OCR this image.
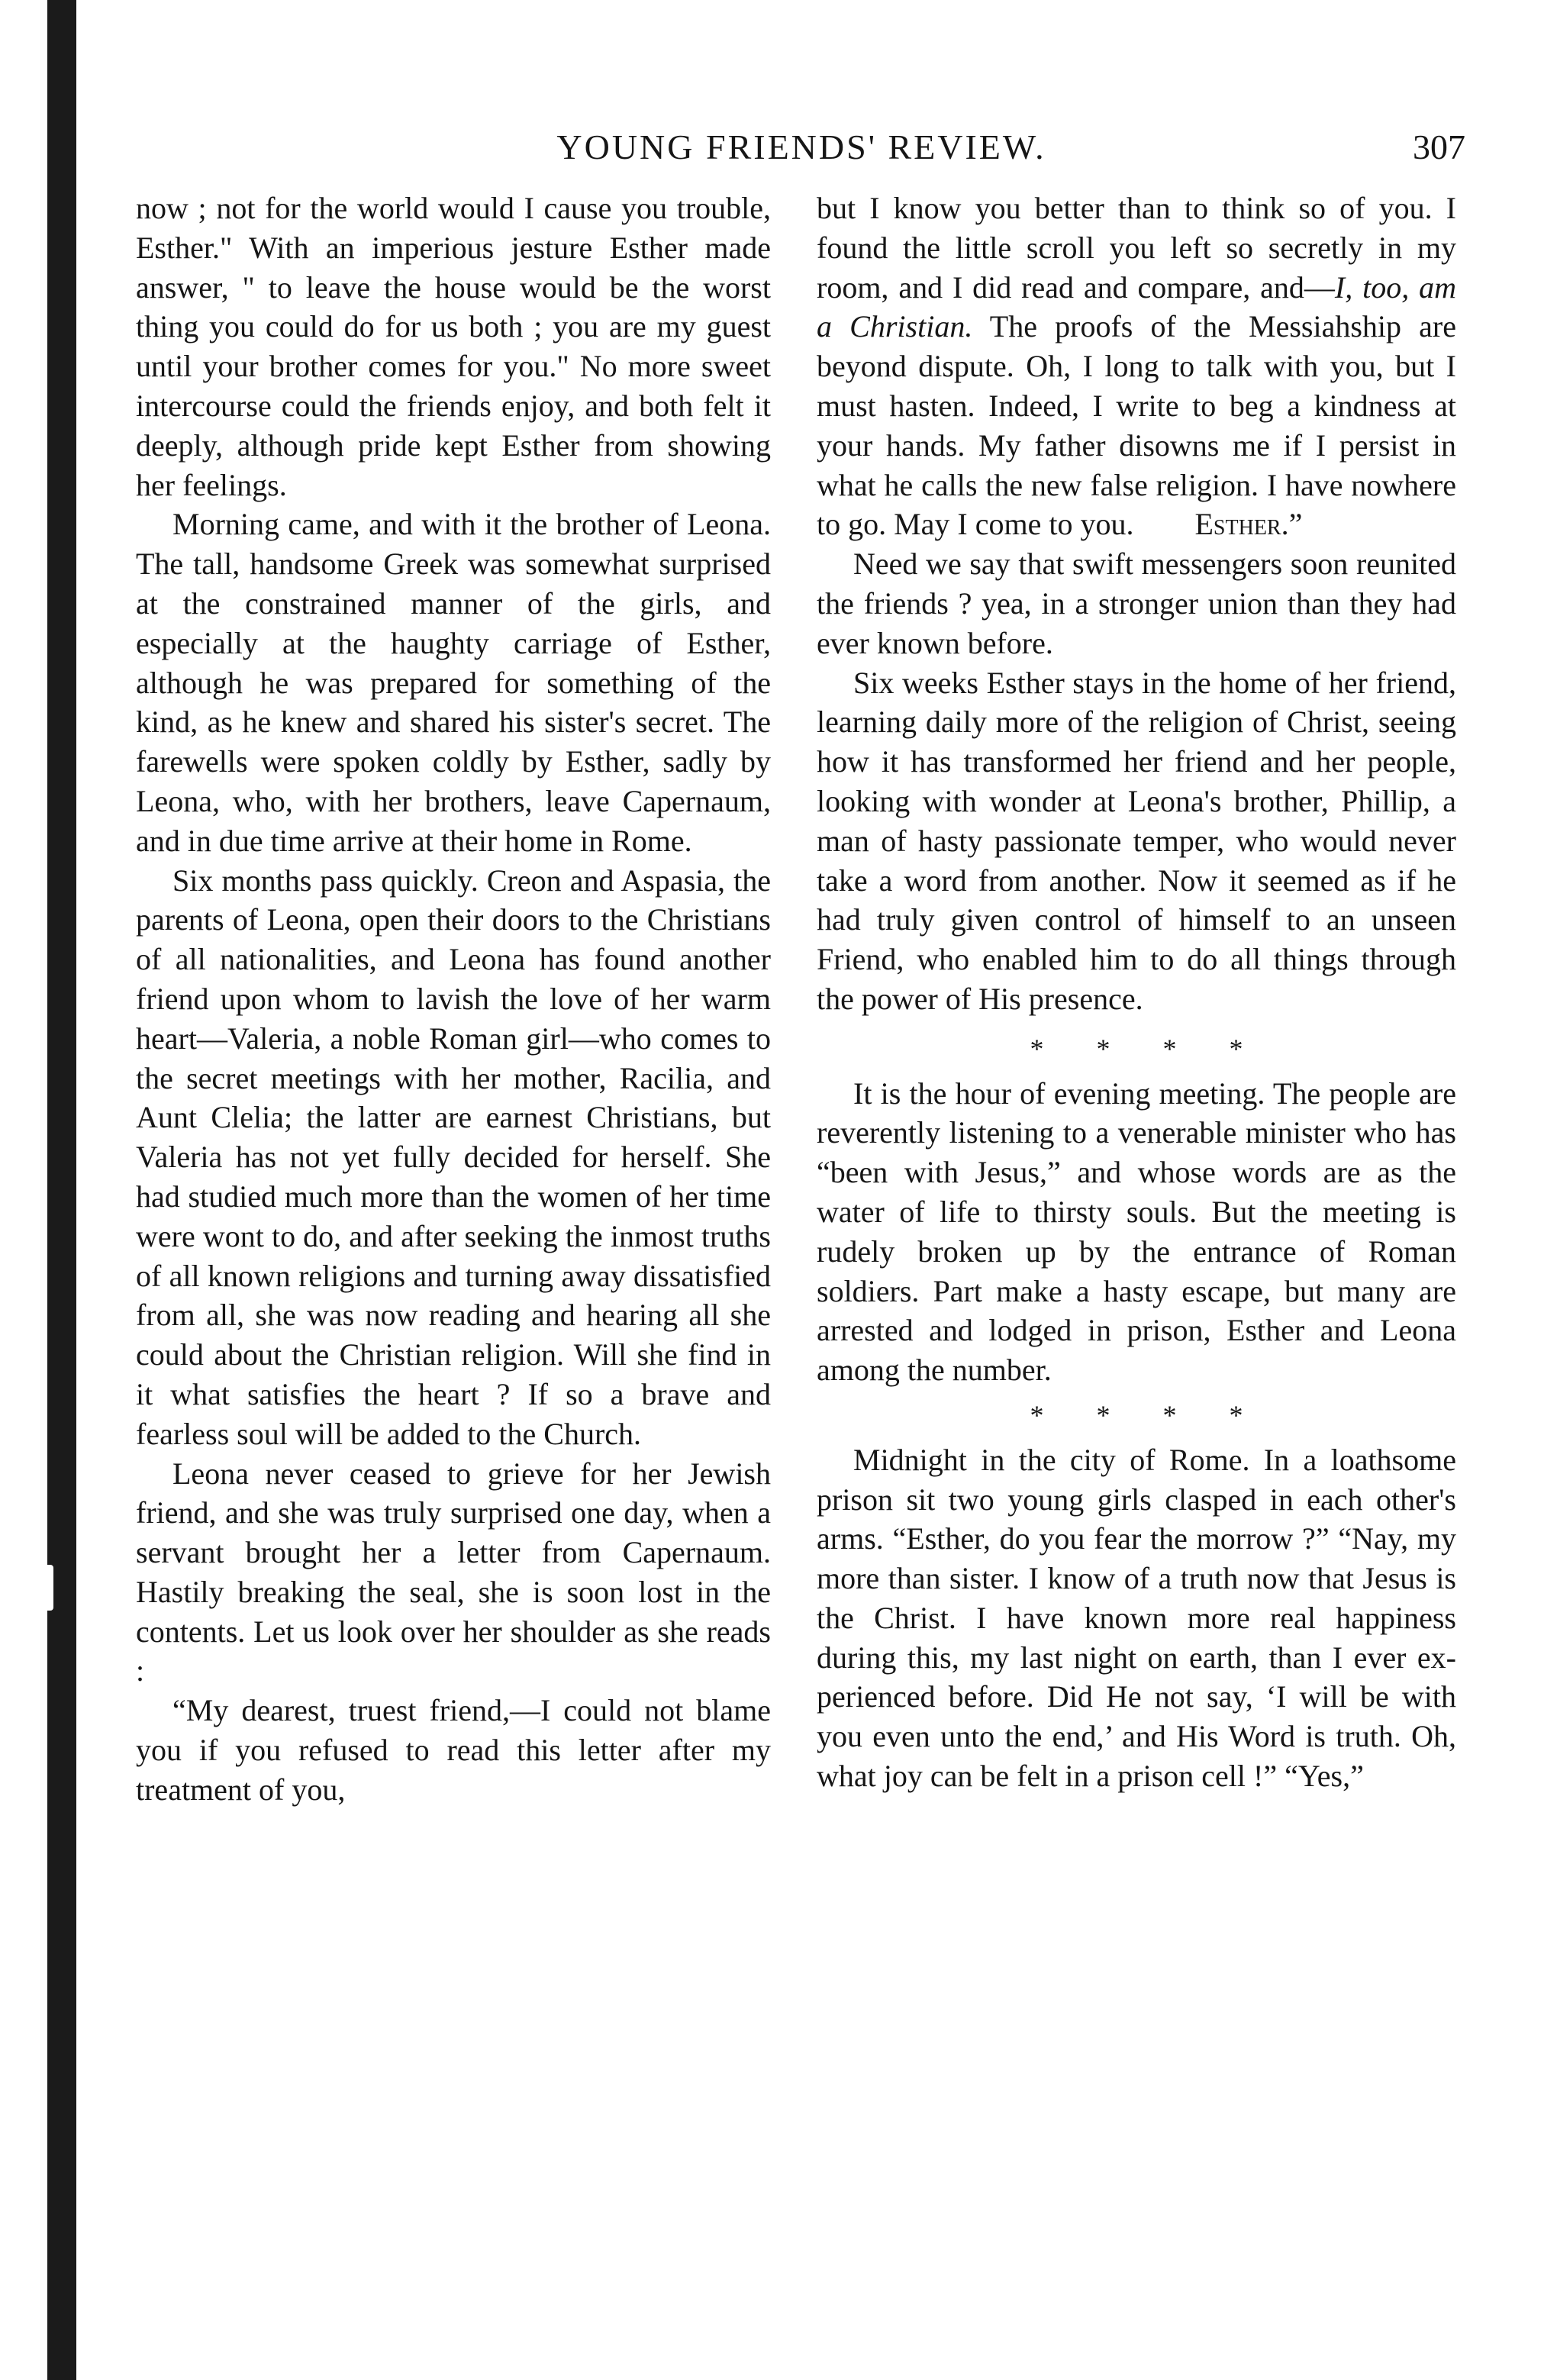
YOUNG FRIENDS' REVIEW.	307

now ; not for the world would I cause you trouble, Esther." With an imperious jesture Esther made answer, " to leave the house would be the worst thing you could do for us both ; you are my guest until your brother comes for you." No more sweet intercourse could the friends enjoy, and both felt it deeply, although pride kept Esther from showing her feelings.

Morning came, and with it the brother of Leona. The tall, handsome Greek was somewhat surprised at the constrained manner of the girls, and especially at the haughty carriage of Esther, although he was prepared for something of the kind, as he knew and shared his sister's secret. The farewells were spoken coldly by Esther, sadly by Leona, who, with her brothers, leave Capernaum, and in due time arrive at their home in Rome.

Six months pass quickly. Creon and Aspasia, the parents of Leona, open their doors to the Christians of all nationalities, and Leona has found another friend upon whom to lavish the love of her warm heart—Valeria, a noble Roman girl—who comes to the secret meetings with her mother, Racilia, and Aunt Clelia; the latter are earnest Christians, but Valeria has not yet fully decided for herself. She had studied much more than the women of her time were wont to do, and after seeking the inmost truths of all known religions and turning away dissatisfied from all, she was now reading and hearing all she could about the Christian religion. Will she find in it what satisfies the heart ? If so a brave and fearless soul will be added to the Church.

Leona never ceased to grieve for her Jewish friend, and she was truly surprised one day, when a servant brought her a letter from Capernaum. Hastily breaking the seal, she is soon lost in the contents. Let us look over her shoulder as she reads :

“My dearest, truest friend,—I could not blame you if you refused to read this letter after my treatment of you,

but I know you better than to think so of you. I found the little scroll you left so secretly in my room, and I did read and compare, and—I, too, am a Christian. The proofs of the Messiahship are beyond dispute. Oh, I long to talk with you, but I must hasten. Indeed, I write to beg a kindness at your hands. My father disowns me if I persist in what he calls the new false religion. I have nowhere to go. May I come to you. Esther.”

Need we say that swift messengers soon reunited the friends ? yea, in a stronger union than they had ever known before.

Six weeks Esther stays in the home of her friend, learning daily more of the religion of Christ, seeing how it has transformed her friend and her people, looking with wonder at Leona's brother, Phillip, a man of hasty passionate temper, who would never take a word from another. Now it seemed as if he had truly given control of himself to an unseen Friend, who enabled him to do all things through the power of His presence.

* * * *

It is the hour of evening meeting. The people are reverently listening to a venerable minister who has “been with Jesus,” and whose words are as the water of life to thirsty souls. But the meeting is rudely broken up by the entrance of Roman soldiers. Part make a hasty escape, but many are arrested and lodged in prison, Esther and Leona among the number.

* * * *

Midnight in the city of Rome. In a loathsome prison sit two young girls clasped in each other's arms. “Esther, do you fear the morrow ?” “Nay, my more than sister. I know of a truth now that Jesus is the Christ. I have known more real happiness during this, my last night on earth, than I ever experienced before. Did He not say, ‘I will be with you even unto the end,’ and His Word is truth. Oh, what joy can be felt in a prison cell !” “Yes,”
